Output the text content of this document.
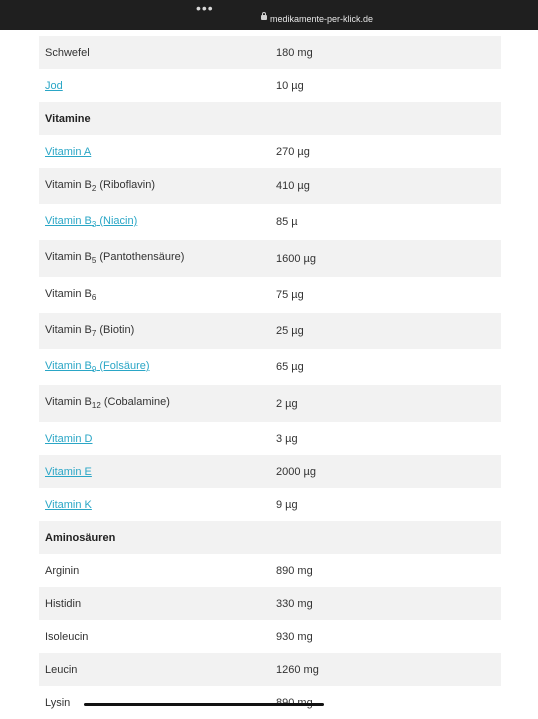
•••
medikamente-per-klick.de
Schwefel	180 mg
Jod	10 µg
Vitamine	
Vitamin A	270 µg
Vitamin $B_2$ (Riboflavin)	410 µg
Vitamin $B_3$ (Niacin)	85 µ
Vitamin $B_5$ (Pantothensäure)	1600 µg
Vitamin $B_6$	75 µg
Vitamin $B_7$ (Biotin)	25 µg
Vitamin $B_9$ (Folsäure)	65 µg
Vitamin $B_{12}$ (Cobalamine)	2 µg
Vitamin D	3 µg
Vitamin E	2000 µg
Vitamin K	9 µg
Aminosäuren	
Arginin	890 mg
Histidin	330 mg
Isoleucin	930 mg
Leucin	1260 mg
Lysin	
